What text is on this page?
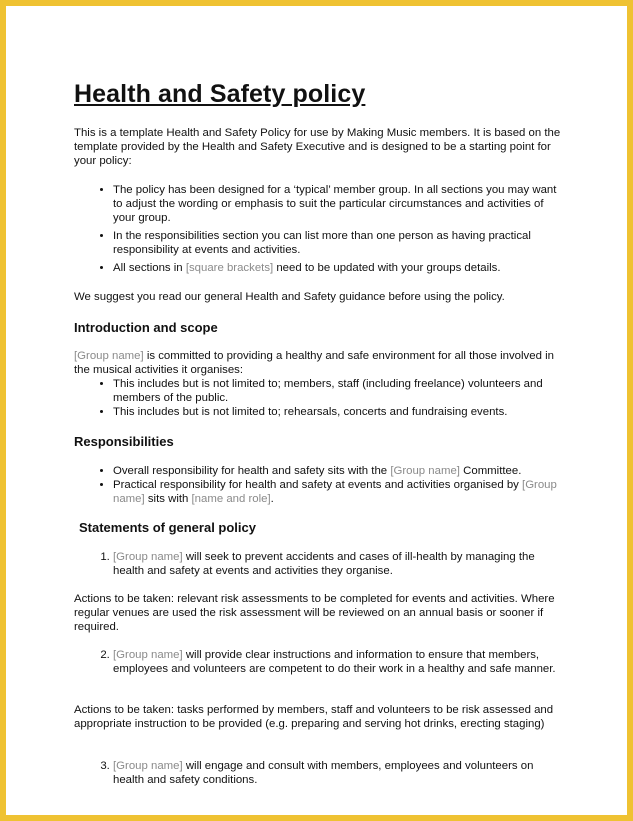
Health and Safety policy

This is a template Health and Safety Policy for use by Making Music members. It is based on the template provided by the Health and Safety Executive and is designed to be a starting point for your policy:

• The policy has been designed for a ‘typical’ member group. In all sections you may want to adjust the wording or emphasis to suit the particular circumstances and activities of your group.
• In the responsibilities section you can list more than one person as having practical responsibility at events and activities.
• All sections in [square brackets] need to be updated with your groups details.

We suggest you read our general Health and Safety guidance before using the policy.

Introduction and scope

[Group name] is committed to providing a healthy and safe environment for all those involved in the musical activities it organises:

• This includes but is not limited to; members, staff (including freelance) volunteers and members of the public.
• This includes but is not limited to; rehearsals, concerts and fundraising events.
Responsibilities
• Overall responsibility for health and safety sits with the [Group name] Committee.
• Practical responsibility for health and safety at events and activities organised by [Group name] sits with [name and role].
Statements of general policy
1. [Group name] will seek to prevent accidents and cases of ill-health by managing the health and safety at events and activities they organise.

Actions to be taken: relevant risk assessments to be completed for events and activities. Where regular venues are used the risk assessment will be reviewed on an annual basis or sooner if required.

2. [Group name] will provide clear instructions and information to ensure that members, employees and volunteers are competent to do their work in a healthy and safe manner.

Actions to be taken: tasks performed by members, staff and volunteers to be risk assessed and appropriate instruction to be provided (e.g. preparing and serving hot drinks, erecting staging)

3. [Group name] will engage and consult with members, employees and volunteers on health and safety conditions.
